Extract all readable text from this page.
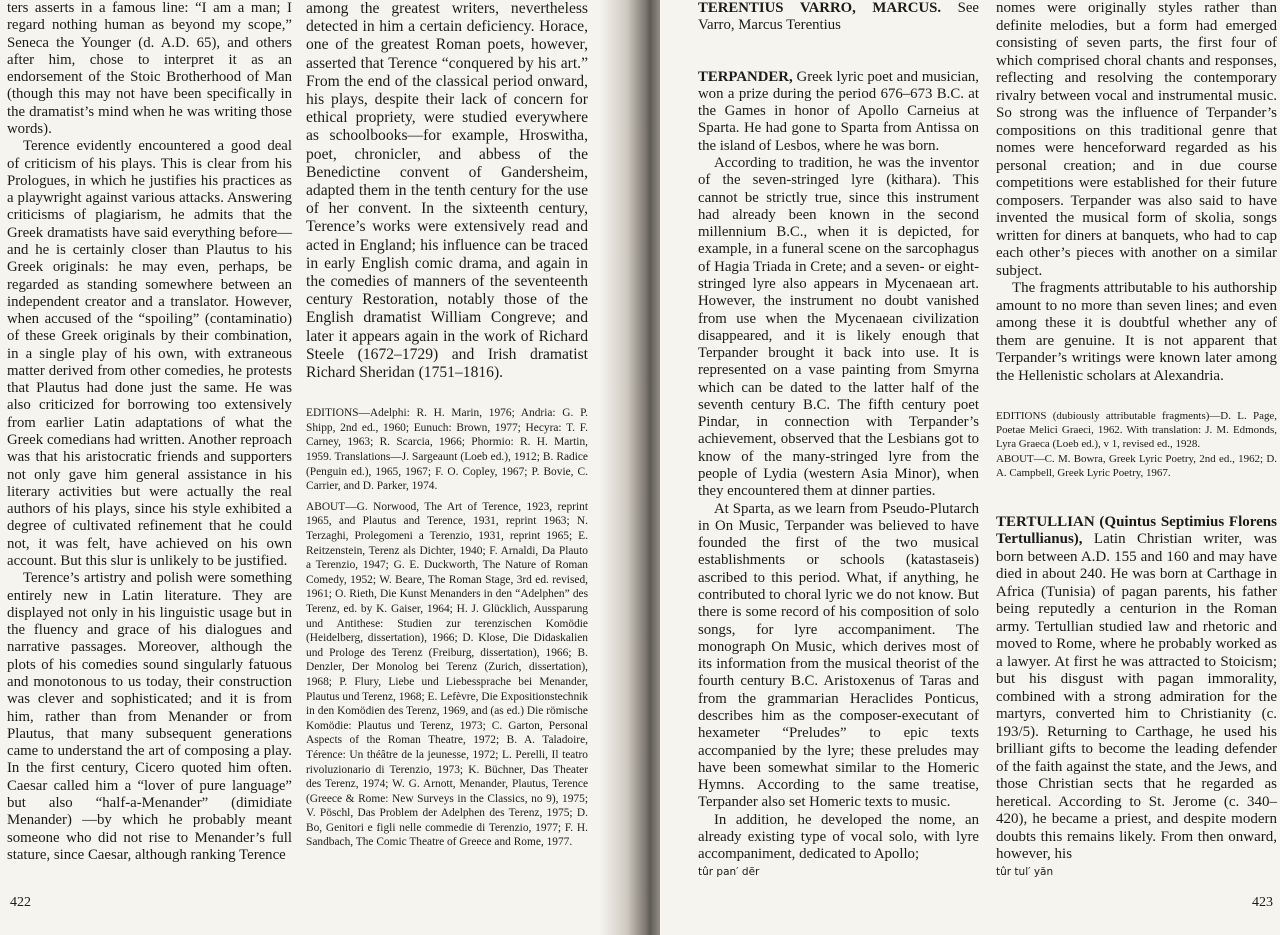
ters asserts in a famous line: “I am a man; I regard nothing human as beyond my scope,” Seneca the Younger (d. A.D. 65), and others after him, chose to interpret it as an endorsement of the Stoic Brotherhood of Man (though this may not have been specifically in the dramatist’s mind when he was writing those words).

Terence evidently encountered a good deal of criticism of his plays. This is clear from his Prologues, in which he justifies his practices as a playwright against various attacks. Answering criticisms of plagiarism, he admits that the Greek dramatists have said everything before—and he is certainly closer than Plautus to his Greek originals: he may even, perhaps, be regarded as standing somewhere between an independent creator and a translator. However, when accused of the “spoiling” (contaminatio) of these Greek originals by their combination, in a single play of his own, with extraneous matter derived from other comedies, he protests that Plautus had done just the same. He was also criticized for borrowing too extensively from earlier Latin adaptations of what the Greek comedians had written. Another reproach was that his aristocratic friends and supporters not only gave him general assistance in his literary activities but were actually the real authors of his plays, since his style exhibited a degree of cultivated refinement that he could not, it was felt, have achieved on his own account. But this slur is unlikely to be justified.

Terence’s artistry and polish were something entirely new in Latin literature. They are displayed not only in his linguistic usage but in the fluency and grace of his dialogues and narrative passages. Moreover, although the plots of his comedies sound singularly fatuous and monotonous to us today, their construction was clever and sophisticated; and it is from him, rather than from Menander or from Plautus, that many subsequent generations came to understand the art of composing a play. In the first century, Cicero quoted him often. Caesar called him a “lover of pure language” but also “half-a-Menander” (dimidiate Menander) —by which he probably meant someone who did not rise to Menander’s full stature, since Caesar, although ranking Terence

among the greatest writers, nevertheless detected in him a certain deficiency. Horace, one of the greatest Roman poets, however, asserted that Terence “conquered by his art.” From the end of the classical period onward, his plays, despite their lack of concern for ethical propriety, were studied everywhere as schoolbooks—for example, Hroswitha, poet, chronicler, and abbess of the Benedictine convent of Gandersheim, adapted them in the tenth century for the use of her convent. In the sixteenth century, Terence’s works were extensively read and acted in England; his influence can be traced in early English comic drama, and again in the comedies of manners of the seventeenth century Restoration, notably those of the English dramatist William Congreve; and later it appears again in the work of Richard Steele (1672–1729) and Irish dramatist Richard Sheridan (1751–1816).

EDITIONS—Adelphi: R. H. Marin, 1976; Andria: G. P. Shipp, 2nd ed., 1960; Eunuch: Brown, 1977; Hecyra: T. F. Carney, 1963; R. Scarcia, 1966; Phormio: R. H. Martin, 1959. Translations—J. Sargeaunt (Loeb ed.), 1912; B. Radice (Penguin ed.), 1965, 1967; F. O. Copley, 1967; P. Bovie, C. Carrier, and D. Parker, 1974.

ABOUT—G. Norwood, The Art of Terence, 1923, reprint 1965, and Plautus and Terence, 1931, reprint 1963; N. Terzaghi, Prolegomeni a Terenzio, 1931, reprint 1965; E. Reitzenstein, Terenz als Dichter, 1940; F. Arnaldi, Da Plauto a Terenzio, 1947; G. E. Duckworth, The Nature of Roman Comedy, 1952; W. Beare, The Roman Stage, 3rd ed. revised, 1961; O. Rieth, Die Kunst Menanders in den “Adelphen” des Terenz, ed. by K. Gaiser, 1964; H. J. Glücklich, Aussparung und Antithese: Studien zur terenzischen Komödie (Heidelberg, dissertation), 1966; D. Klose, Die Didaskalien und Prologe des Terenz (Freiburg, dissertation), 1966; B. Denzler, Der Monolog bei Terenz (Zurich, dissertation), 1968; P. Flury, Liebe und Liebessprache bei Menander, Plautus und Terenz, 1968; E. Lefèvre, Die Expositionstechnik in den Komödien des Terenz, 1969, and (as ed.) Die römische Komödie: Plautus und Terenz, 1973; C. Garton, Personal Aspects of the Roman Theatre, 1972; B. A. Taladoire, Térence: Un théâtre de la jeunesse, 1972; L. Perelli, Il teatro rivoluzionario di Terenzio, 1973; K. Büchner, Das Theater des Terenz, 1974; W. G. Arnott, Menander, Plautus, Terence (Greece & Rome: New Surveys in the Classics, no 9), 1975; V. Pöschl, Das Problem der Adelphen des Terenz, 1975; D. Bo, Genitori e figli nelle commedie di Terenzio, 1977; F. H. Sandbach, The Comic Theatre of Greece and Rome, 1977.

422

TERENTIUS VARRO, MARCUS. See Varro, Marcus Terentius

TERPANDER, Greek lyric poet and musician, won a prize during the period 676–673 B.C. at the Games in honor of Apollo Carneius at Sparta. He had gone to Sparta from Antissa on the island of Lesbos, where he was born.

According to tradition, he was the inventor of the seven-stringed lyre (kithara). This cannot be strictly true, since this instrument had already been known in the second millennium B.C., when it is depicted, for example, in a funeral scene on the sarcophagus of Hagia Triada in Crete; and a seven- or eight-stringed lyre also appears in Mycenaean art. However, the instrument no doubt vanished from use when the Mycenaean civilization disappeared, and it is likely enough that Terpander brought it back into use. It is represented on a vase painting from Smyrna which can be dated to the latter half of the seventh century B.C. The fifth century poet Pindar, in connection with Terpander’s achievement, observed that the Lesbians got to know of the many-stringed lyre from the people of Lydia (western Asia Minor), when they encountered them at dinner parties.

At Sparta, as we learn from Pseudo-Plutarch in On Music, Terpander was believed to have founded the first of the two musical establishments or schools (katastaseis) ascribed to this period. What, if anything, he contributed to choral lyric we do not know. But there is some record of his composition of solo songs, for lyre accompaniment. The monograph On Music, which derives most of its information from the musical theorist of the fourth century B.C. Aristoxenus of Taras and from the grammarian Heraclides Ponticus, describes him as the composer-executant of hexameter “Preludes” to epic texts accompanied by the lyre; these preludes may have been somewhat similar to the Homeric Hymns. According to the same treatise, Terpander also set Homeric texts to music.

In addition, he developed the nome, an already existing type of vocal solo, with lyre accompaniment, dedicated to Apollo;

tûr pan′ dẽr

nomes were originally styles rather than definite melodies, but a form had emerged consisting of seven parts, the first four of which comprised choral chants and responses, reflecting and resolving the contemporary rivalry between vocal and instrumental music. So strong was the influence of Terpander’s compositions on this traditional genre that nomes were henceforward regarded as his personal creation; and in due course competitions were established for their future composers. Terpander was also said to have invented the musical form of skolia, songs written for diners at banquets, who had to cap each other’s pieces with another on a similar subject.

The fragments attributable to his authorship amount to no more than seven lines; and even among these it is doubtful whether any of them are genuine. It is not apparent that Terpander’s writings were known later among the Hellenistic scholars at Alexandria.

EDITIONS (dubiously attributable fragments)—D. L. Page, Poetae Melici Graeci, 1962. With translation: J. M. Edmonds, Lyra Graeca (Loeb ed.), v 1, revised ed., 1928.

ABOUT—C. M. Bowra, Greek Lyric Poetry, 2nd ed., 1962; D. A. Campbell, Greek Lyric Poetry, 1967.

TERTULLIAN (Quintus Septimius Florens Tertullianus), Latin Christian writer, was born between A.D. 155 and 160 and may have died in about 240. He was born at Carthage in Africa (Tunisia) of pagan parents, his father being reputedly a centurion in the Roman army. Tertullian studied law and rhetoric and moved to Rome, where he probably worked as a lawyer. At first he was attracted to Stoicism; but his disgust with pagan immorality, combined with a strong admiration for the martyrs, converted him to Christianity (c. 193/5). Returning to Carthage, he used his brilliant gifts to become the leading defender of the faith against the state, and the Jews, and those Christian sects that he regarded as heretical. According to St. Jerome (c. 340–420), he became a priest, and despite modern doubts this remains likely. From then onward, however, his

tûr tul′ yăn

423
